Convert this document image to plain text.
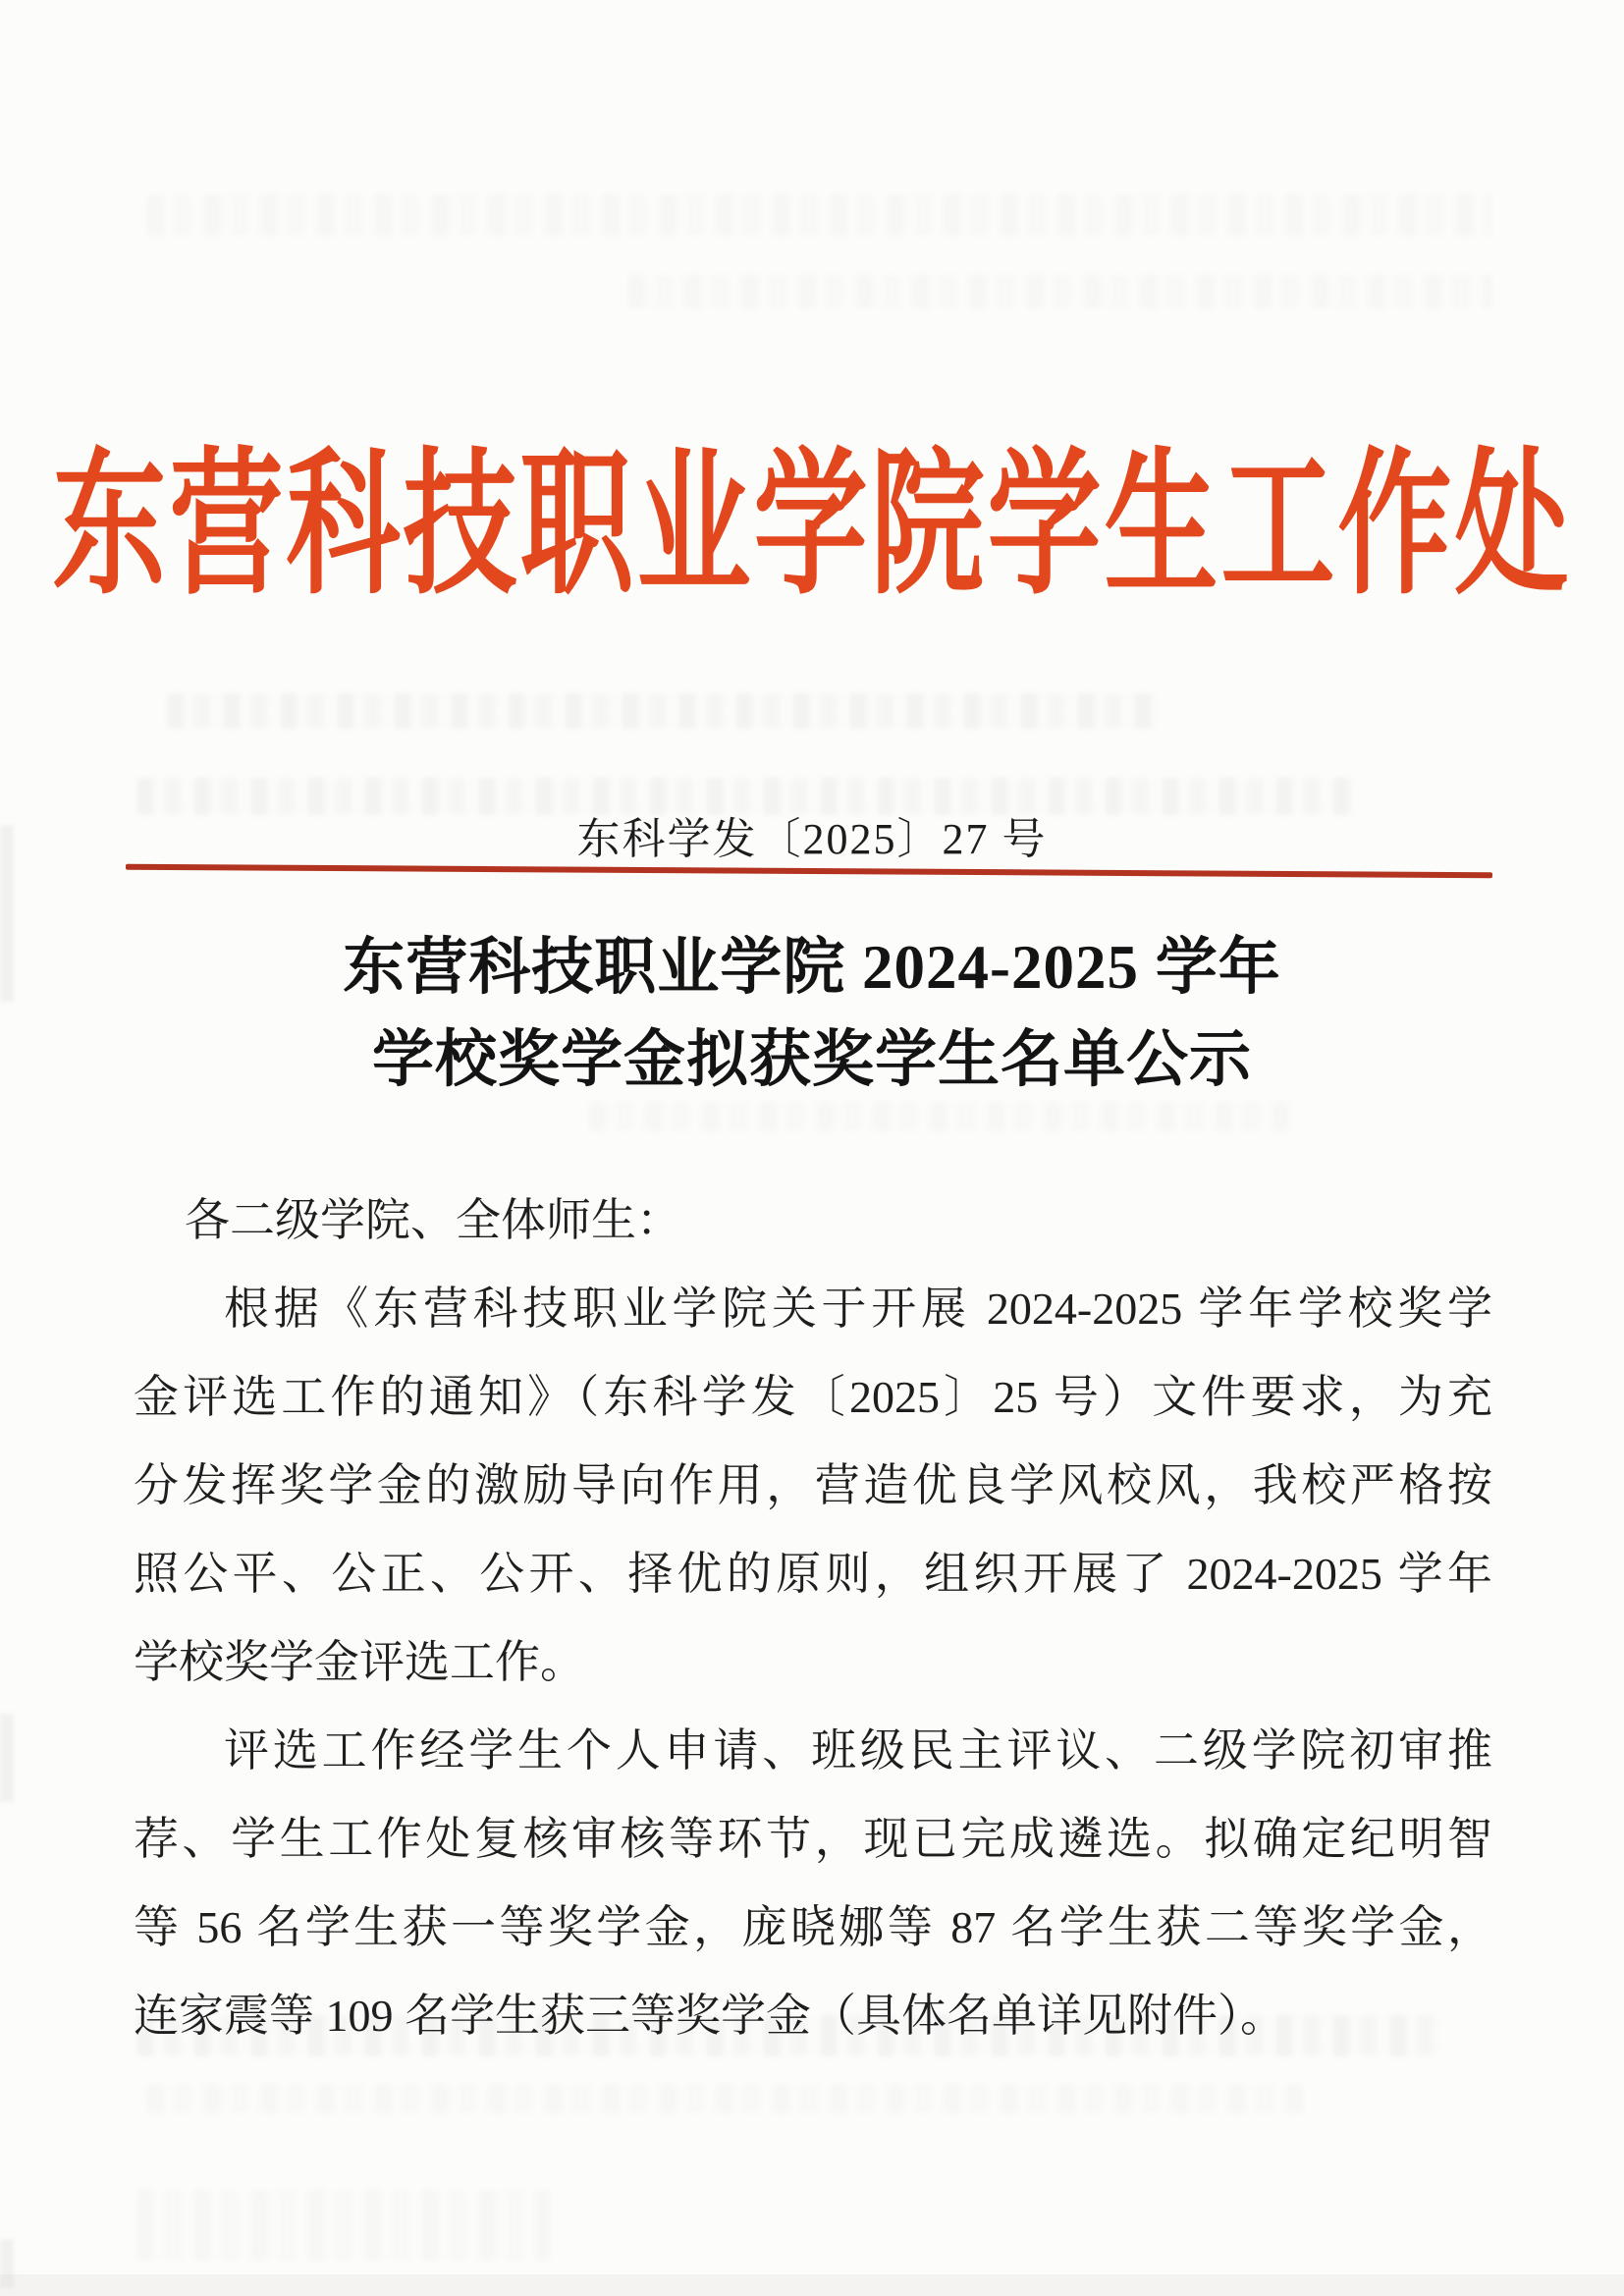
东营科技职业学院学生工作处
东科学发〔2025〕27 号
东营科技职业学院 2024-2025 学年
学校奖学金拟获奖学生名单公示
各二级学院、全体师生：
根据《东营科技职业学院关于开展 2024-2025 学年学校奖学
金评选工作的通知》（东科学发〔2025〕25 号）文件要求，为充
分发挥奖学金的激励导向作用，营造优良学风校风，我校严格按
照公平、公正、公开、择优的原则，组织开展了 2024-2025 学年
学校奖学金评选工作。
评选工作经学生个人申请、班级民主评议、二级学院初审推
荐、学生工作处复核审核等环节，现已完成遴选。拟确定纪明智
等 56 名学生获一等奖学金，庞晓娜等 87 名学生获二等奖学金，
连家震等 109 名学生获三等奖学金（具体名单详见附件）。
